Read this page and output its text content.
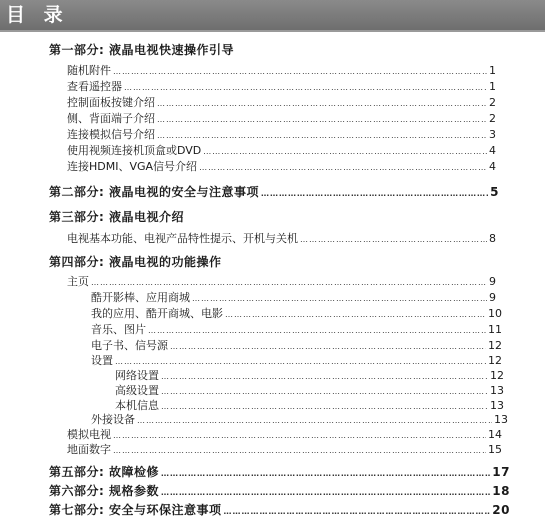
目 录
第一部分: 液晶电视快速操作引导
随机附件 …………………………………………………………………………………………………………………………………………………………………………………………………………………	1
查看遥控器 …………………………………………………………………………………………………………………………………………………………………………………………………………………	1
控制面板按键介绍 …………………………………………………………………………………………………………………………………………………………………………………………………………………	2
侧、背面端子介绍 …………………………………………………………………………………………………………………………………………………………………………………………………………………	2
连接模拟信号介绍 …………………………………………………………………………………………………………………………………………………………………………………………………………………	3
使用视频连接机顶盒或DVD …………………………………………………………………………………………………………………………………………………………………………………………………………………	4
连接HDMI、VGA信号介绍 …………………………………………………………………………………………………………………………………………………………………………………………………………………	4
第二部分: 液晶电视的安全与注意事项 …………………………………………………………………………………………………………………………………………………………………………………………………………………	5
第三部分: 液晶电视介绍
电视基本功能、电视产品特性提示、开机与关机 …………………………………………………………………………………………………………………………………………………………………………………………………………………	8
第四部分: 液晶电视的功能操作
主页 …………………………………………………………………………………………………………………………………………………………………………………………………………………	9
酷开影棒、应用商城 …………………………………………………………………………………………………………………………………………………………………………………………………………………	9
我的应用、酷开商城、电影 …………………………………………………………………………………………………………………………………………………………………………………………………………………	10
音乐、图片 …………………………………………………………………………………………………………………………………………………………………………………………………………………	11
电子书、信号源 …………………………………………………………………………………………………………………………………………………………………………………………………………………	12
设置 …………………………………………………………………………………………………………………………………………………………………………………………………………………	12
网络设置 …………………………………………………………………………………………………………………………………………………………………………………………………………………	12
高级设置 …………………………………………………………………………………………………………………………………………………………………………………………………………………	13
本机信息 …………………………………………………………………………………………………………………………………………………………………………………………………………………	13
外接设备 …………………………………………………………………………………………………………………………………………………………………………………………………………………	13
模拟电视 …………………………………………………………………………………………………………………………………………………………………………………………………………………	14
地面数字 …………………………………………………………………………………………………………………………………………………………………………………………………………………	15
第五部分: 故障检修 …………………………………………………………………………………………………………………………………………………………………………………………………………………	17
第六部分: 规格参数 …………………………………………………………………………………………………………………………………………………………………………………………………………………	18
第七部分: 安全与环保注意事项 …………………………………………………………………………………………………………………………………………………………………………………………………………………	20
